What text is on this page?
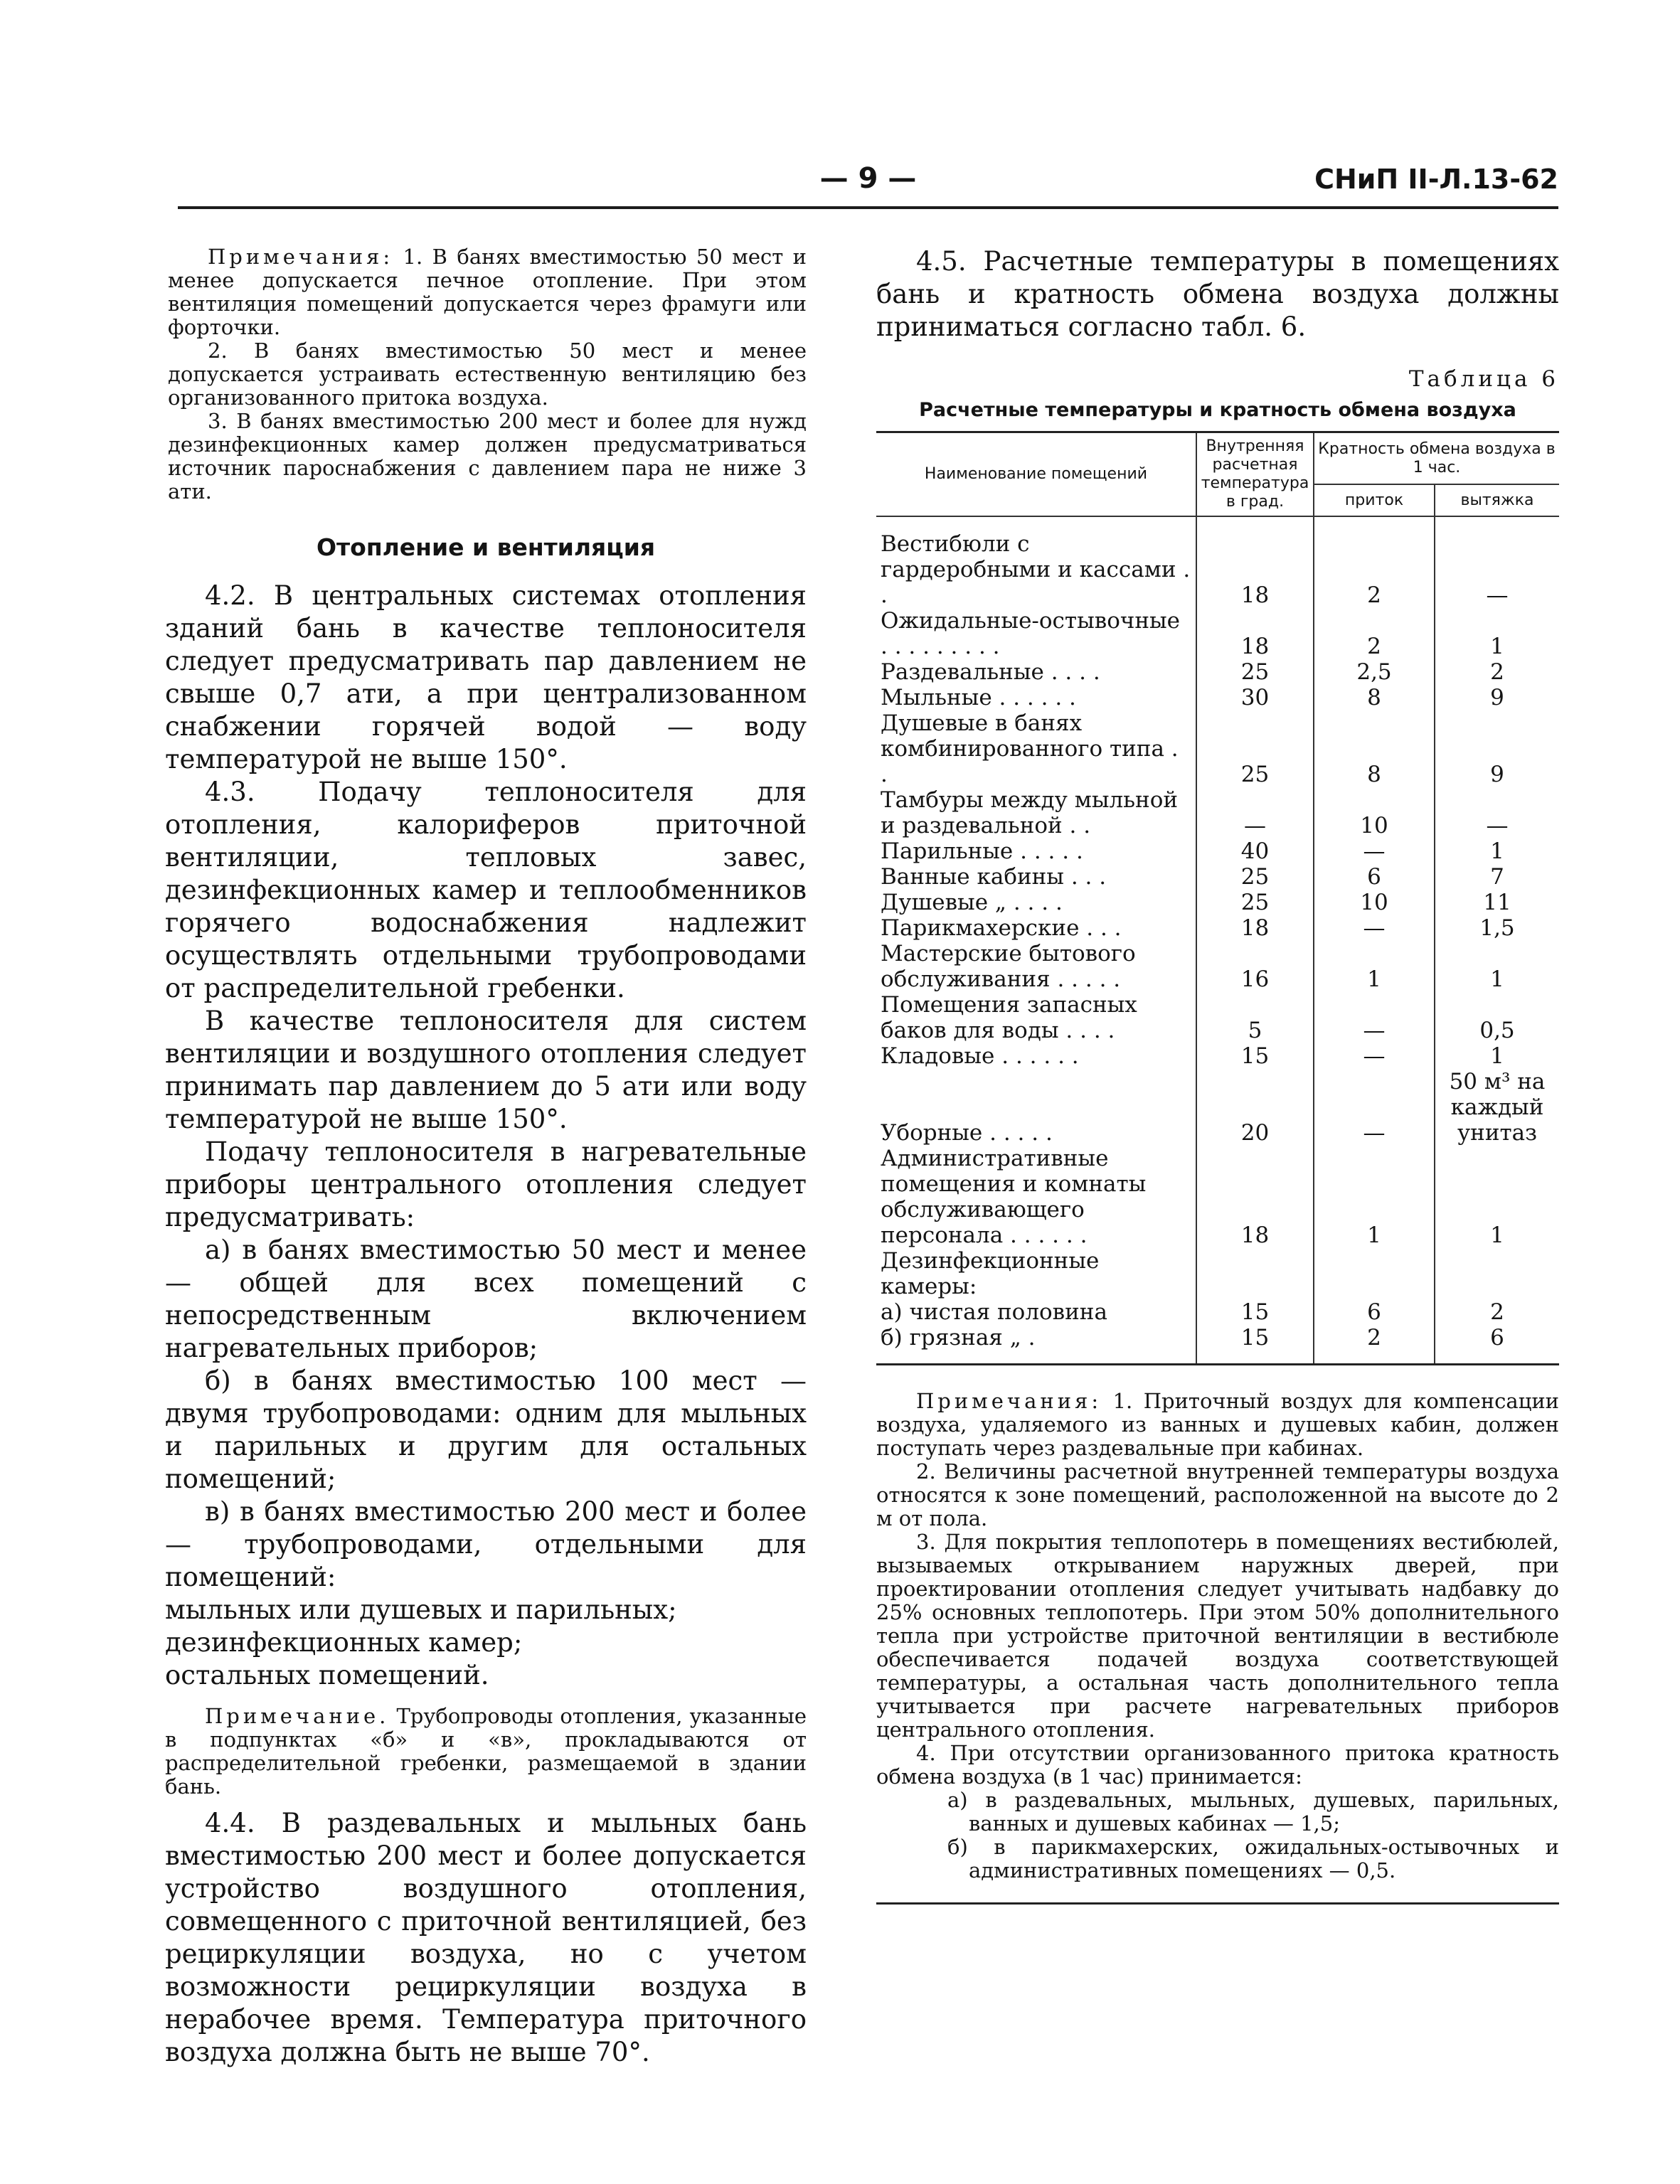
— 9 —	СНиП II-Л.13-62

Примечания: 1. В банях вместимостью 50 мест и менее допускается печное отопление. При этом вентиляция помещений допускается через фрамуги или форточки.

2. В банях вместимостью 50 мест и менее допускается устраивать естественную вентиляцию без организованного притока воздуха.

3. В банях вместимостью 200 мест и более для нужд дезинфекционных камер должен предусматриваться источник пароснабжения с давлением пара не ниже 3 ати.

Отопление и вентиляция

4.2. В центральных системах отопления зданий бань в качестве теплоносителя следует предусматривать пар давлением не свыше 0,7 ати, а при централизованном снабжении горячей водой — воду температурой не выше 150°.

4.3. Подачу теплоносителя для отопления, калориферов приточной вентиляции, тепловых завес, дезинфекционных камер и теплообменников горячего водоснабжения надлежит осуществлять отдельными трубопроводами от распределительной гребенки.

В качестве теплоносителя для систем вентиляции и воздушного отопления следует принимать пар давлением до 5 ати или воду температурой не выше 150°.

Подачу теплоносителя в нагревательные приборы центрального отопления следует предусматривать:

а) в банях вместимостью 50 мест и менее — общей для всех помещений с непосредственным включением нагревательных приборов;

б) в банях вместимостью 100 мест — двумя трубопроводами: одним для мыльных и парильных и другим для остальных помещений;

в) в банях вместимостью 200 мест и более — трубопроводами, отдельными для помещений:

мыльных или душевых и парильных;

дезинфекционных камер;

остальных помещений.

Примечание. Трубопроводы отопления, указанные в подпунктах «б» и «в», прокладываются от распределительной гребенки, размещаемой в здании бань.

4.4. В раздевальных и мыльных бань вместимостью 200 мест и более допускается устройство воздушного отопления, совмещенного с приточной вентиляцией, без рециркуляции воздуха, но с учетом возможности рециркуляции воздуха в нерабочее время. Температура приточного воздуха должна быть не выше 70°.

4.5. Расчетные температуры в помещениях бань и кратность обмена воздуха должны приниматься согласно табл. 6.

Таблица 6
Расчетные температуры и кратность обмена воздуха
Наименование помещений	Внутренняя расчетная температура в град.	Кратность обмена воздуха в 1 час.	
		приток	вытяжка
Вестибюли с гардеробными и кассами . .	18	2	—
Ожидальные-остывочные . . . . . . . . .	18	2	1
Раздевальные . . . .	25	2,5	2
Мыльные . . . . . .	30	8	9
Душевые в банях комбинированного типа . .	25	8	9
Тамбуры между мыльной и раздевальной . .	—	10	—
Парильные . . . . .	40	—	1
Ванные кабины . . .	25	6	7
Душевые „ . . . .	25	10	11
Парикмахерские . . .	18	—	1,5
Мастерские бытового обслуживания . . . . .	16	1	1
Помещения запасных баков для воды . . . .	5	—	0,5
Кладовые . . . . . .	15	—	1
Уборные . . . . .	20	—	50 м³ на каждый унитаз
Административные помещения и комнаты обслуживающего персонала . . . . . .	18	1	1
Дезинфекционные камеры:			
а) чистая половина	15	6	2
б) грязная „ .	15	2	6

Примечания: 1. Приточный воздух для компенсации воздуха, удаляемого из ванных и душевых кабин, должен поступать через раздевальные при кабинах.

2. Величины расчетной внутренней температуры воздуха относятся к зоне помещений, расположенной на высоте до 2 м от пола.

3. Для покрытия теплопотерь в помещениях вестибюлей, вызываемых открыванием наружных дверей, при проектировании отопления следует учитывать надбавку до 25% основных теплопотерь. При этом 50% дополнительного тепла при устройстве приточной вентиляции в вестибюле обеспечивается подачей воздуха соответствующей температуры, а остальная часть дополнительного тепла учитывается при расчете нагревательных приборов центрального отопления.

4. При отсутствии организованного притока кратность обмена воздуха (в 1 час) принимается:

а) в раздевальных, мыльных, душевых, парильных, ванных и душевых кабинах — 1,5;

б) в парикмахерских, ожидальных-остывочных и административных помещениях — 0,5.
